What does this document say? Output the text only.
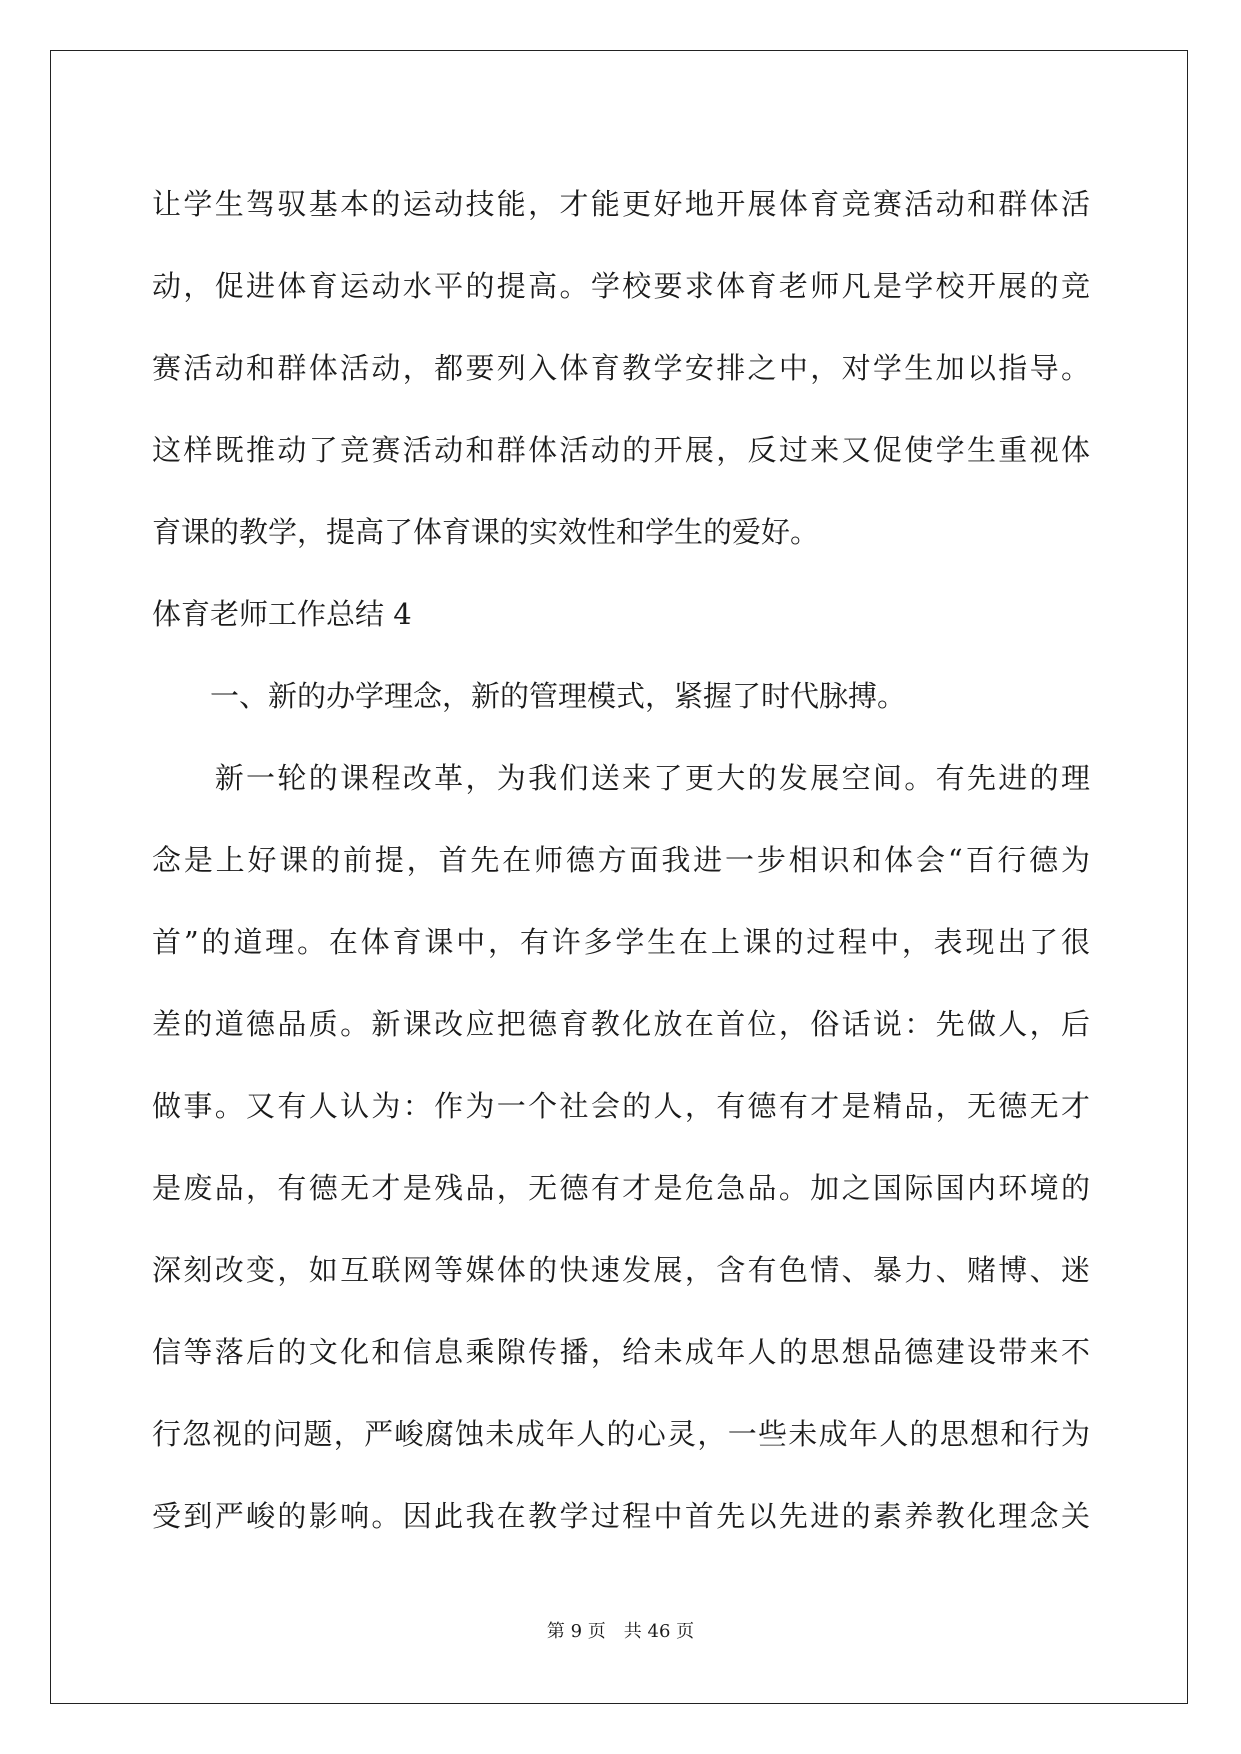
让学生驾驭基本的运动技能，才能更好地开展体育竞赛活动和群体活
动，促进体育运动水平的提高。学校要求体育老师凡是学校开展的竞
赛活动和群体活动，都要列入体育教学安排之中，对学生加以指导。
这样既推动了竞赛活动和群体活动的开展，反过来又促使学生重视体
育课的教学，提高了体育课的实效性和学生的爱好。
体育老师工作总结 4
　　一、新的办学理念，新的管理模式，紧握了时代脉搏。
　　新一轮的课程改革，为我们送来了更大的发展空间。有先进的理
念是上好课的前提，首先在师德方面我进一步相识和体会“百行德为
首”的道理。在体育课中，有许多学生在上课的过程中，表现出了很
差的道德品质。新课改应把德育教化放在首位，俗话说：先做人，后
做事。又有人认为：作为一个社会的人，有德有才是精品，无德无才
是废品，有德无才是残品，无德有才是危急品。加之国际国内环境的
深刻改变，如互联网等媒体的快速发展，含有色情、暴力、赌博、迷
信等落后的文化和信息乘隙传播，给未成年人的思想品德建设带来不
行忽视的问题，严峻腐蚀未成年人的心灵，一些未成年人的思想和行为
受到严峻的影响。因此我在教学过程中首先以先进的素养教化理念关
第 9 页 共 46 页
